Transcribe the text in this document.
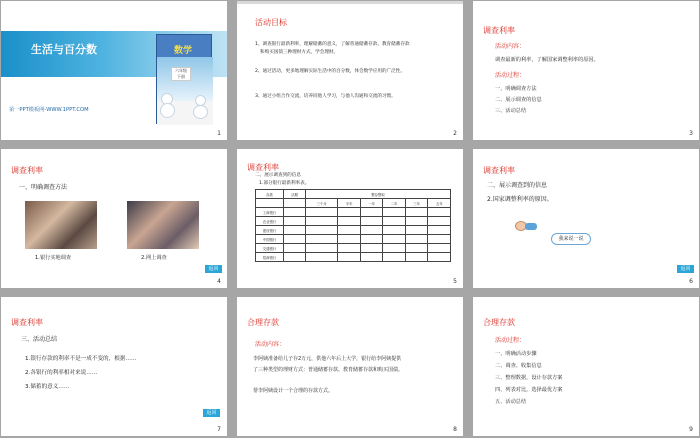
生活与百分数	数学
六年级
下册
第一PPT模板网-WWW.1PPT.COM
1
活动目标
1、调查银行最新利率，理解储蓄的意义，了解普通储蓄存款、教育储蓄存款
和购买国债三种理财方式，学会理财。
2、通过活动，更多地理解实际生活中的百分数，体会数学应用的广泛性。
3、通过小组合作交流，培养同他人学习，与他人沟通和交流的习惯。
2
调查利率
活动内容：
调查最新的利率，了解国家调整利率的原因。
活动过程：
一、明确调查方法
二、展示调查的信息
三、活动总结
3
调查利率
一、明确调查方法
1.银行实地调查	2.网上调查
返回
4
调查利率
二、展示调查到的信息
1.部分银行最新利率表。
存款	活期	整存整取					
		三个月	半年	一年	二年	三年	五年
工商银行							
农业银行							
建设银行							
中国银行							
交通银行							
招商银行							
5
调查利率
二、展示调查到的信息
2.国家调整利率的原因。
我来说一说
返回
6
调查利率
三、活动总结
1.银行存款的利率不是一成不变的，根据……
2.各银行的利率相对来说……
3.储蓄的意义……
返回
7
合理存款
活动内容：
李阿姨准备给儿子存2万元，供他六年后上大学，银行给李阿姨提供
了三种类型的理财方式：普通储蓄存款、教育储蓄存款和购买国债。
帮李阿姨设计一个合理的存款方式。
8
合理存款
活动过程：
一、明确活动步骤
二、调查、收集信息
三、整理数据，设计存款方案
四、列表对比，选择最优方案
五、活动总结
9
